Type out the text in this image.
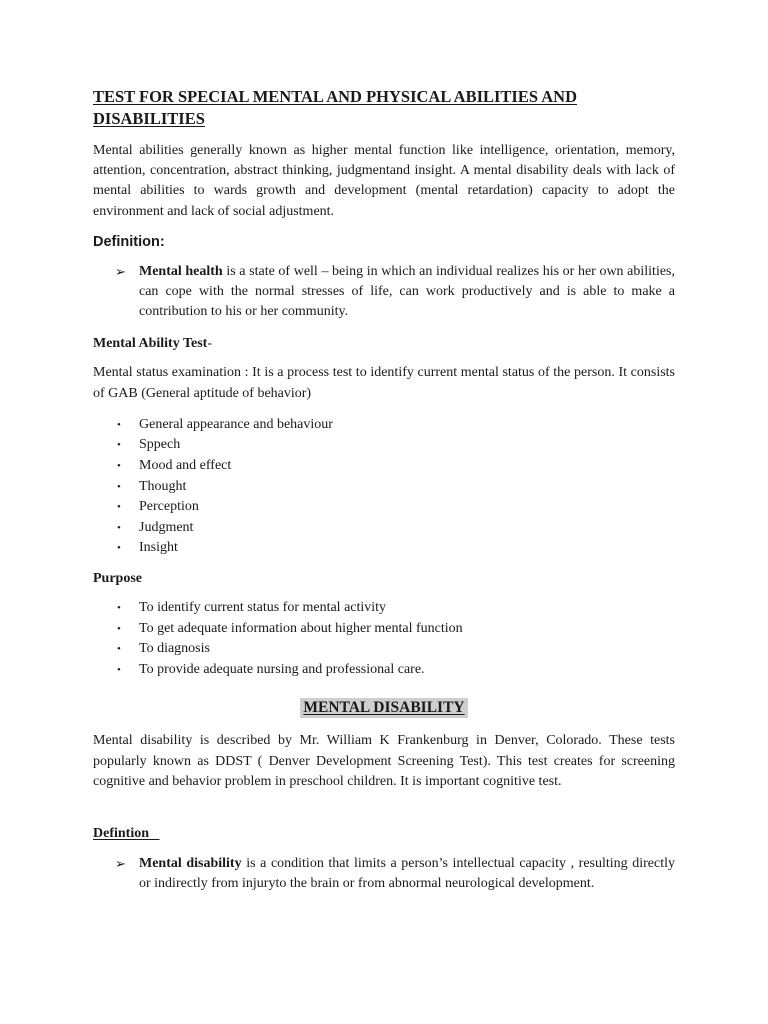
TEST FOR SPECIAL MENTAL AND PHYSICAL ABILITIES AND DISABILITIES

Mental abilities generally known as higher mental function like intelligence, orientation, memory, attention, concentration, abstract thinking, judgmentand insight. A mental disability deals with lack of mental abilities to wards growth and development (mental retardation) capacity to adopt the environment and lack of social adjustment.

Definition:
➢ Mental health is a state of well – being in which an individual realizes his or her own abilities, can cope with the normal stresses of life, can work productively and is able to make a contribution to his or her community.
Mental Ability Test-

Mental status examination : It is a process test to identify current mental status of the person. It consists of GAB (General aptitude of behavior)

• General appearance and behaviour
• Sppech
• Mood and effect
• Thought
• Perception
• Judgment
• Insight
Purpose
• To identify current status for mental activity
• To get adequate information about higher mental function
• To diagnosis
• To provide adequate nursing and professional care.
MENTAL DISABILITY

Mental disability is described by Mr. William K Frankenburg in Denver, Colorado. These tests popularly known as DDST ( Denver Development Screening Test). This test creates for screening cognitive and behavior problem in preschool children. It is important cognitive test.

Defintion
➢ Mental disability is a condition that limits a person’s intellectual capacity , resulting directly or indirectly from injuryto the brain or from abnormal neurological development.
